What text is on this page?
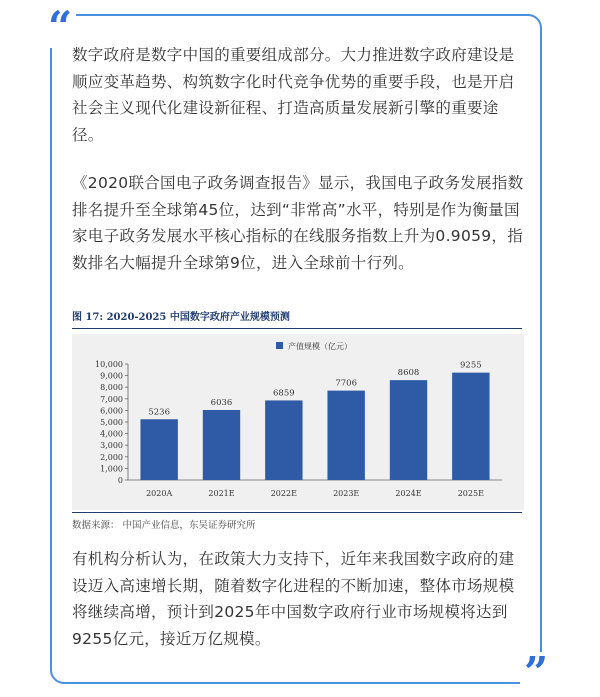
“
”

数字政府是数字中国的重要组成部分。大力推进数字政府建设是顺应变革趋势、构筑数字化时代竞争优势的重要手段，也是开启社会主义现代化建设新征程、打造高质量发展新引擎的重要途径。

《2020联合国电子政务调查报告》显示，我国电子政务发展指数排名提升至全球第45位，达到“非常高”水平，特别是作为衡量国家电子政务发展水平核心指标的在线服务指数上升为0.9059，指数排名大幅提升全球第9位，进入全球前十行列。

图 17: 2020-2025 中国数字政府产业规模预测
产值规模（亿元）
0
1,000
2,000
3,000
4,000
5,000
6,000
7,000
8,000
9,000
10,000
5236
2020A
6036
2021E
6859
2022E
7706
2023E
8608
2024E
9255
2025E
数据来源： 中国产业信息，东吴证券研究所

有机构分析认为，在政策大力支持下，近年来我国数字政府的建设迈入高速增长期，随着数字化进程的不断加速，整体市场规模将继续高增，预计到2025年中国数字政府行业市场规模将达到9255亿元，接近万亿规模。
